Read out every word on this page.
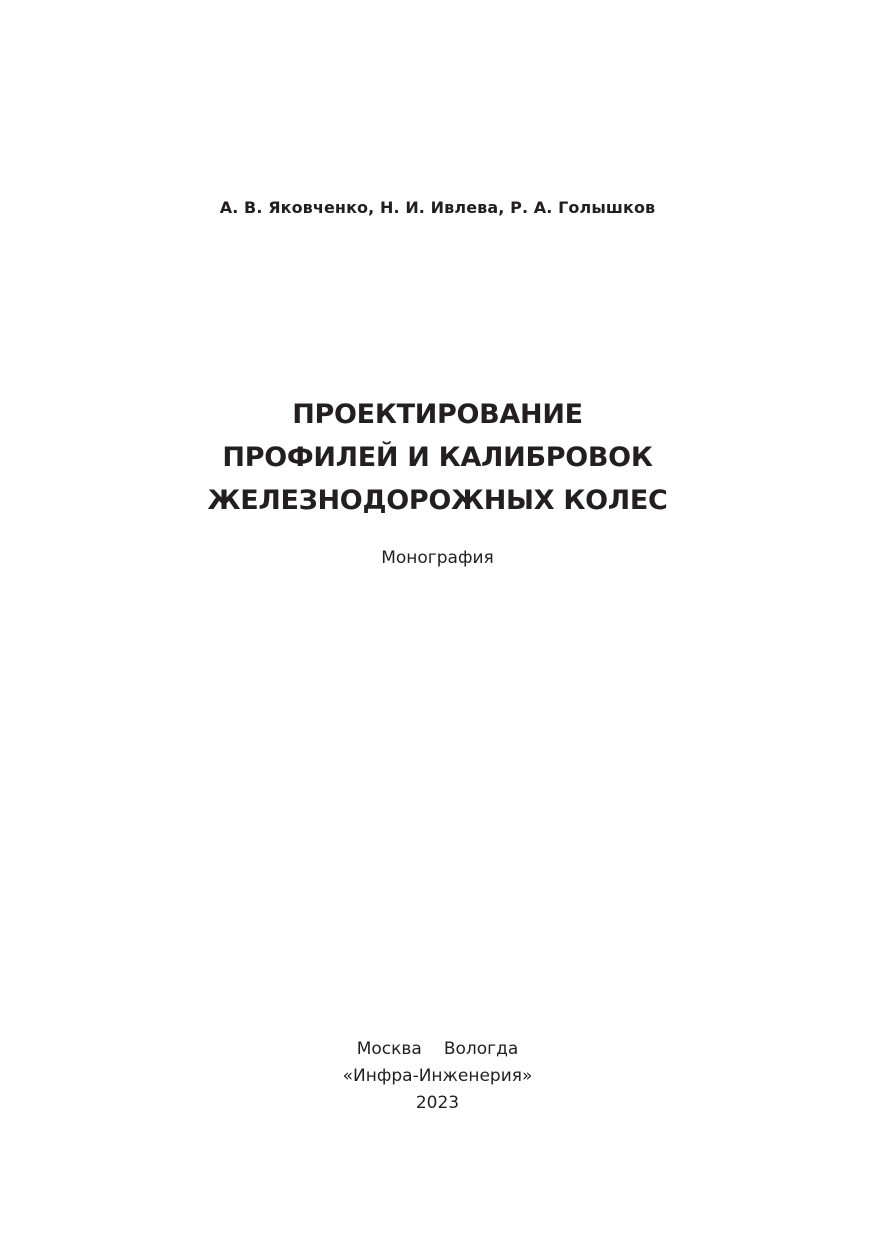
А. В. Яковченко, Н. И. Ивлева, Р. А. Голышков
ПРОЕКТИРОВАНИЕ
ПРОФИЛЕЙ И КАЛИБРОВОК
ЖЕЛЕЗНОДОРОЖНЫХ КОЛЕС
Монография
Москва Вологда
«Инфра-Инженерия»
2023
